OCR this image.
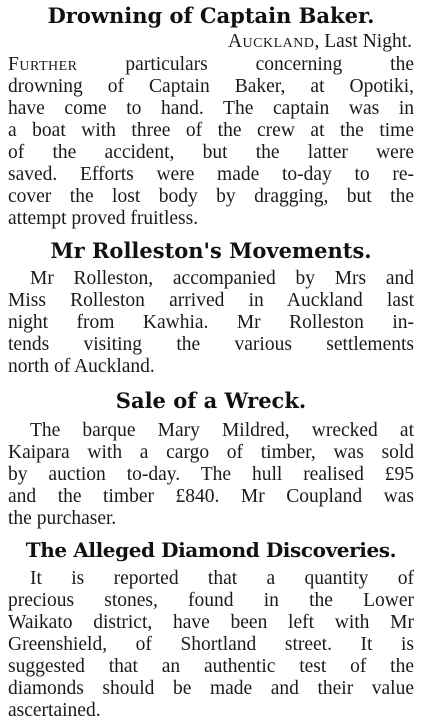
Drowning of Captain Baker.
Auckland, Last Night.
Further particulars concerning the
drowning of Captain Baker, at Opotiki,
have come to hand. The captain was in
a boat with three of the crew at the time
of the accident, but the latter were
saved. Efforts were made to-day to re-
cover the lost body by dragging, but the
attempt proved fruitless.
Mr Rolleston's Movements.
Mr Rolleston, accompanied by Mrs and
Miss Rolleston arrived in Auckland last
night from Kawhia. Mr Rolleston in-
tends visiting the various settlements
north of Auckland.
Sale of a Wreck.
The barque Mary Mildred, wrecked at
Kaipara with a cargo of timber, was sold
by auction to-day. The hull realised £95
and the timber £840. Mr Coupland was
the purchaser.
The Alleged Diamond Discoveries.
It is reported that a quantity of
precious stones, found in the Lower
Waikato district, have been left with Mr
Greenshield, of Shortland street. It is
suggested that an authentic test of the
diamonds should be made and their value
ascertained.
